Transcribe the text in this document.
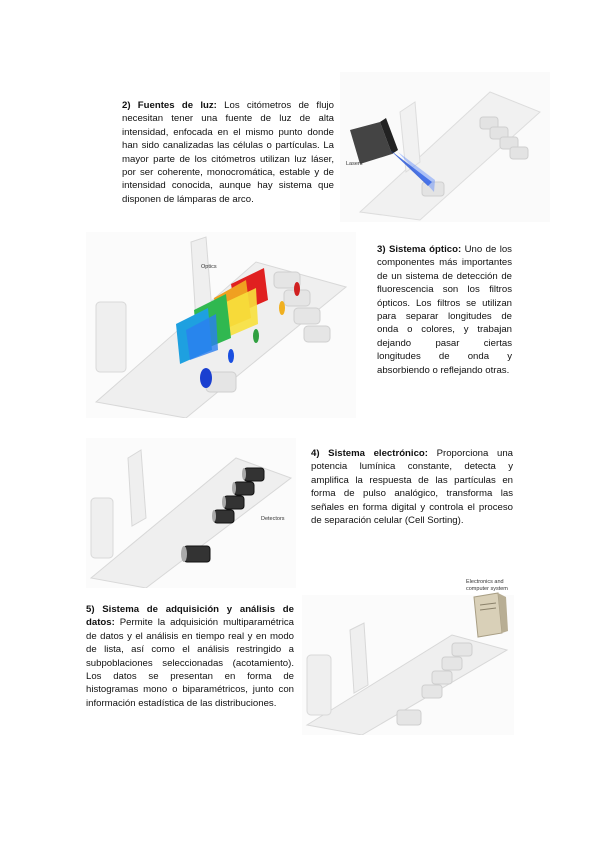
2) Fuentes de luz: Los citómetros de flujo necesitan tener una fuente de luz de alta intensidad, enfocada en el mismo punto donde han sido canalizadas las células o partículas. La mayor parte de los citómetros utilizan luz láser, por ser coherente, monocromática, estable y de intensidad conocida, aunque hay sistema que disponen de lámparas de arco.
Lasers
Optics
3) Sistema óptico: Uno de los componentes más importantes de un sistema de detección de fluorescencia son los filtros ópticos. Los filtros se utilizan para separar longitudes de onda o colores, y trabajan dejando pasar ciertas longitudes de onda y absorbiendo o reflejando otras.
Detectors
4) Sistema electrónico: Proporciona una potencia lumínica constante, detecta y amplifica la respuesta de las partículas en forma de pulso analógico, transforma las señales en forma digital y controla el proceso de separación celular (Cell Sorting).
5) Sistema de adquisición y análisis de datos: Permite la adquisición multiparamétrica de datos y el análisis en tiempo real y en modo de lista, así como el análisis restringido a subpoblaciones seleccionadas (acotamiento). Los datos se presentan en forma de histogramas mono o biparamétricos, junto con información estadística de las distribuciones.
Electronics and
computer system
